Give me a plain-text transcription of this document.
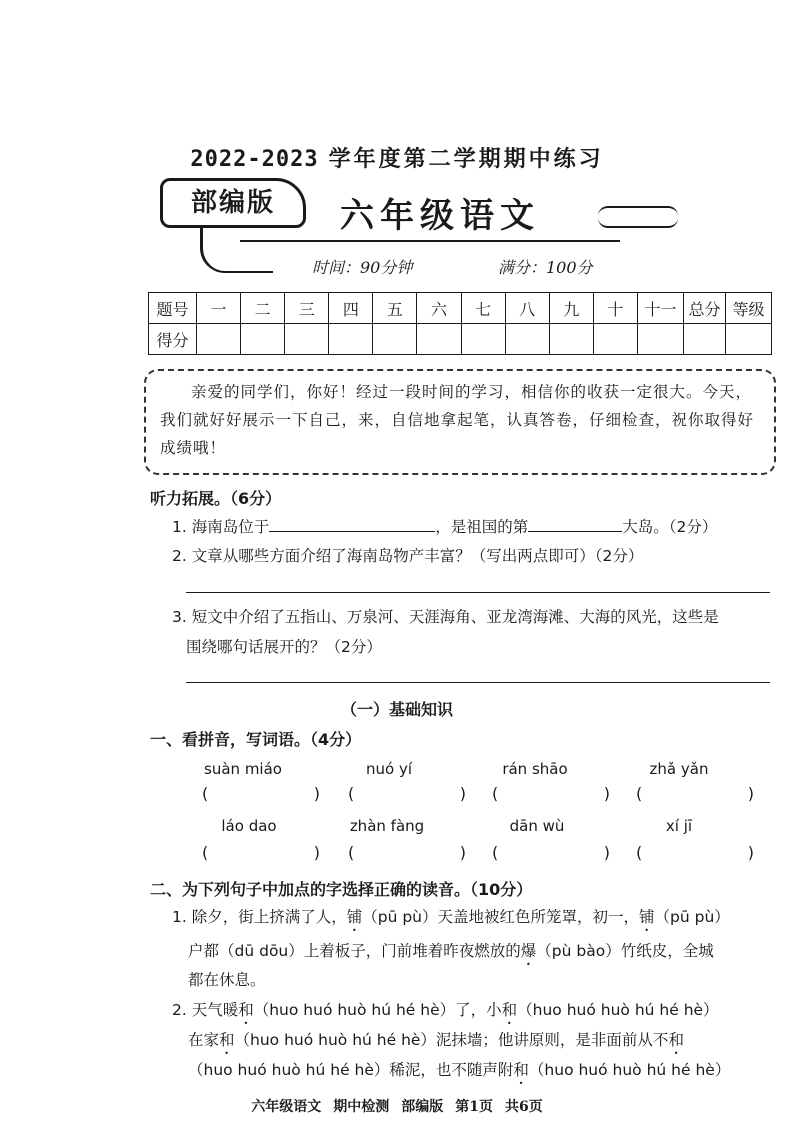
2022-2023 学年度第二学期期中练习
部编版	六年级语文
时间：90分钟	满分：100分
题号	一	二	三	四	五	六	七	八	九	十	十一	总分	等级
得分													
亲爱的同学们，你好！经过一段时间的学习，相信你的收获一定很大。今天，我们就好好展示一下自己，来，自信地拿起笔，认真答卷，仔细检查，祝你取得好成绩哦！
听力拓展。（6分）
1. 海南岛位于	，是祖国的第	大岛。（2分）
2. 文章从哪些方面介绍了海南岛物产丰富？（写出两点即可）（2分）
3. 短文中介绍了五指山、万泉河、天涯海角、亚龙湾海滩、大海的风光，这些是
围绕哪句话展开的？（2分）
（一）基础知识
一、看拼音，写词语。（4分）
suàn miáo	nuó yí	rán shāo	zhǎ yǎn
(	) (	) (	) (	)
láo dao	zhàn fàng	dān wù	xí jī
(	) (	) (	) (	)
二、为下列句子中加点的字选择正确的读音。（10分）
1. 除夕，街上挤满了人，铺（pū pù）天盖地被红色所笼罩，初一，铺（pū pù）
户都（dū dōu）上着板子，门前堆着昨夜燃放的爆（pù bào）竹纸皮，全城
都在休息。
2. 天气暖和（huo huó huò hú hé hè）了，小和（huo huó huò hú hé hè）
在家和（huo huó huò hú hé hè）泥抹墙；他讲原则，是非面前从不和
（huo huó huò hú hé hè）稀泥，也不随声附和（huo huó huò hú hé hè）
六年级语文 期中检测 部编版 第1页 共6页
